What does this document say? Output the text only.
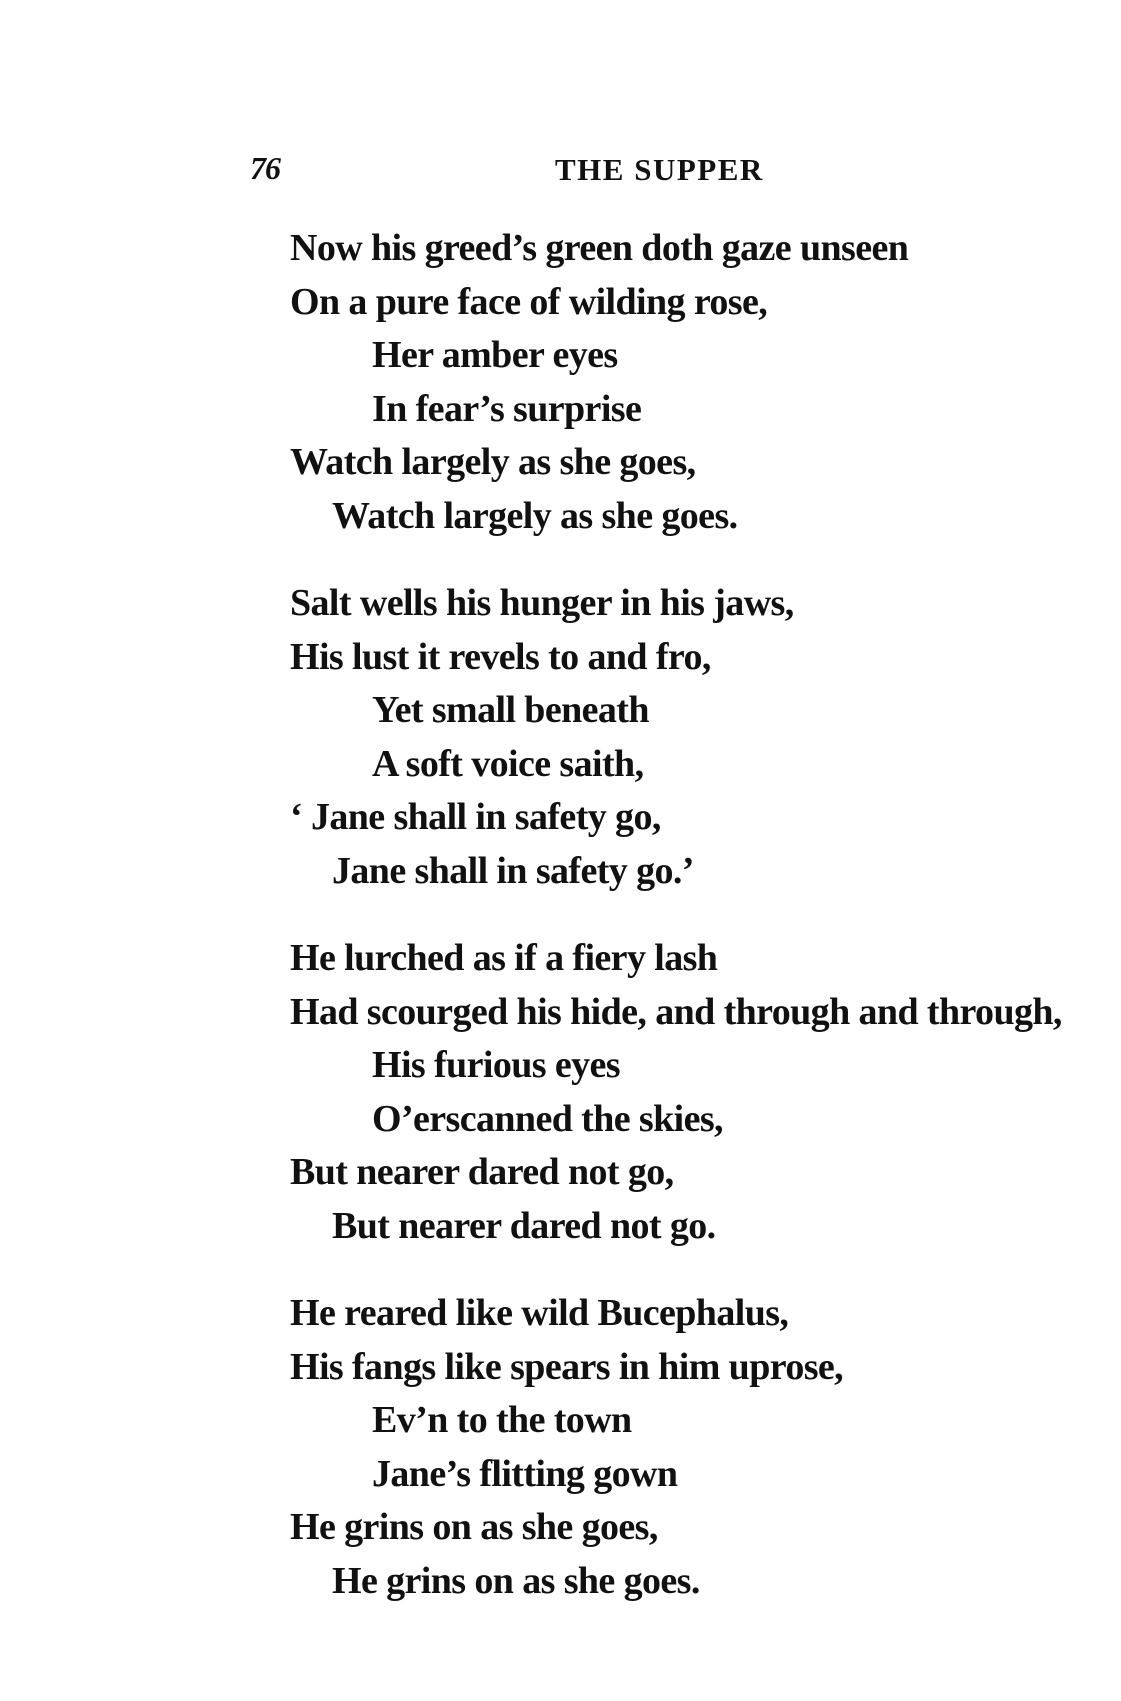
76	THE SUPPER
Now his greed’s green doth gaze unseen
On a pure face of wilding rose,
Her amber eyes
In fear’s surprise
Watch largely as she goes,
Watch largely as she goes.
Salt wells his hunger in his jaws,
His lust it revels to and fro,
Yet small beneath
A soft voice saith,
‘ Jane shall in safety go,
Jane shall in safety go.’
He lurched as if a fiery lash
Had scourged his hide, and through and through,
His furious eyes
O’erscanned the skies,
But nearer dared not go,
But nearer dared not go.
He reared like wild Bucephalus,
His fangs like spears in him uprose,
Ev’n to the town
Jane’s flitting gown
He grins on as she goes,
He grins on as she goes.
